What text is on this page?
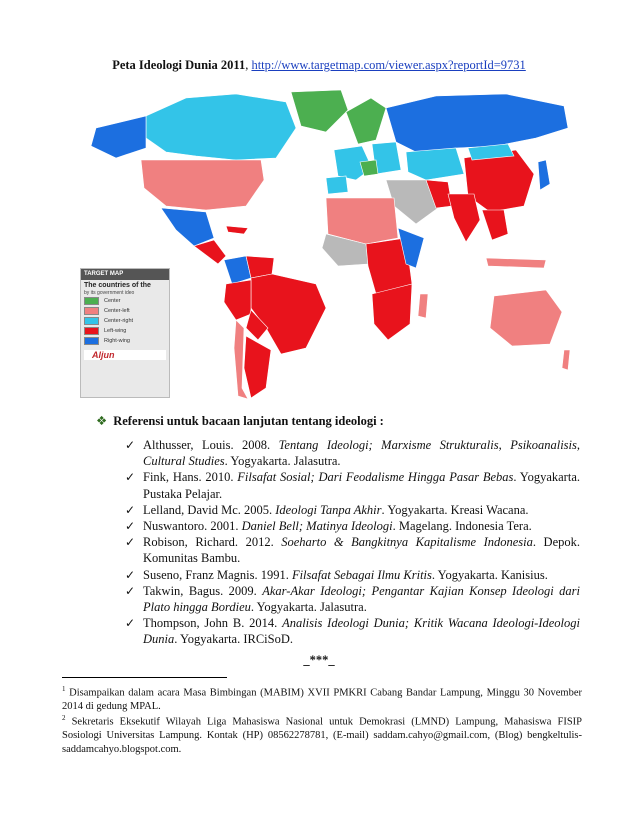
Peta Ideologi Dunia 2011, http://www.targetmap.com/viewer.aspx?reportId=9731
TARGET MAP
The countries of the
by its government ideo
Center
Center-left
Center-right
Left-wing
Right-wing
Aljun
❖ Referensi untuk bacaan lanjutan tentang ideologi :
✓ Althusser, Louis. 2008. Tentang Ideologi; Marxisme Strukturalis, Psikoanalisis, Cultural Studies. Yogyakarta. Jalasutra.
✓ Fink, Hans. 2010. Filsafat Sosial; Dari Feodalisme Hingga Pasar Bebas. Yogyakarta. Pustaka Pelajar.
✓ Lelland, David Mc. 2005. Ideologi Tanpa Akhir. Yogyakarta. Kreasi Wacana.
✓ Nuswantoro. 2001. Daniel Bell; Matinya Ideologi. Magelang. Indonesia Tera.
✓ Robison, Richard. 2012. Soeharto & Bangkitnya Kapitalisme Indonesia. Depok. Komunitas Bambu.
✓ Suseno, Franz Magnis. 1991. Filsafat Sebagai Ilmu Kritis. Yogyakarta. Kanisius.
✓ Takwin, Bagus. 2009. Akar-Akar Ideologi; Pengantar Kajian Konsep Ideologi dari Plato hingga Bordieu. Yogyakarta. Jalasutra.
✓ Thompson, John B. 2014. Analisis Ideologi Dunia; Kritik Wacana Ideologi-Ideologi Dunia. Yogyakarta. IRCiSoD.
_***_
$^1$ Disampaikan dalam acara Masa Bimbingan (MABIM) XVII PMKRI Cabang Bandar Lampung, Minggu 30 November 2014 di gedung MPAL.
$^2$ Sekretaris Eksekutif Wilayah Liga Mahasiswa Nasional untuk Demokrasi (LMND) Lampung, Mahasiswa FISIP Sosiologi Universitas Lampung. Kontak (HP) 08562278781, (E-mail) saddam.cahyo@gmail.com, (Blog) bengkeltulis-saddamcahyo.blogspot.com.
